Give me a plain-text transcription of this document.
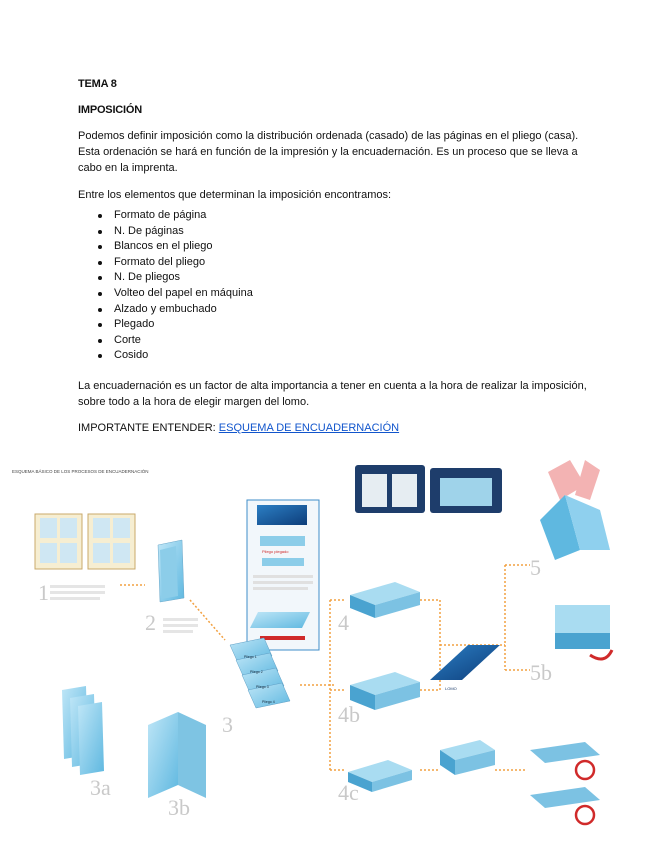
TEMA 8
IMPOSICIÓN
Podemos definir imposición como la distribución ordenada (casado) de las páginas en el pliego (casa). Esta ordenación se hará en función de la impresión y la encuadernación. Es un proceso que se lleva a cabo en la imprenta.
Entre los elementos que determinan la imposición encontramos:
Formato de página
N. De páginas
Blancos en el pliego
Formato del pliego
N. De pliegos
Volteo del papel en máquina
Alzado y embuchado
Plegado
Corte
Cosido
La encuadernación es un factor de alta importancia a tener en cuenta a la hora de realizar la imposición, sobre todo a la hora de elegir margen del lomo.
IMPORTANTE ENTENDER: ESQUEMA DE ENCUADERNACIÓN
ESQUEMA BÁSICO DE LOS PROCESOS DE ENCUADERNACIÓN
1
2
Pliego plegado
Pliego 1
Pliego 2
Pliego 3
Pliego 4
3
3a
3b
4
4b
4c
LOMO
5
5b
